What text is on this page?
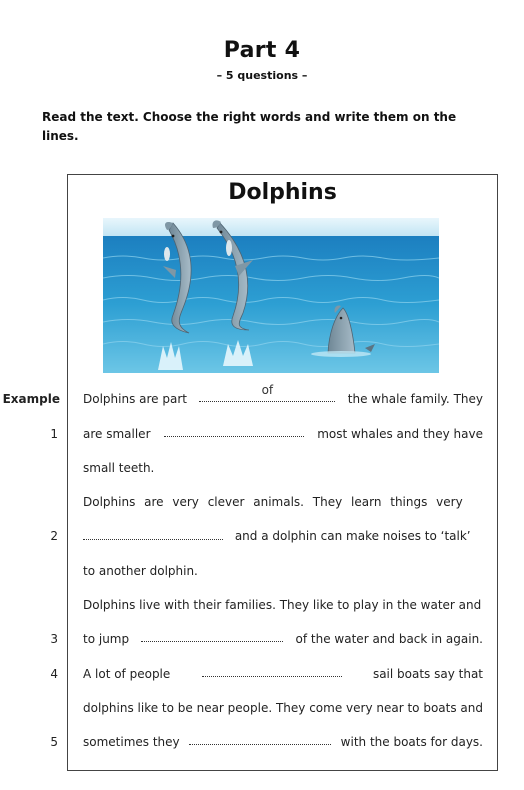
Part 4
– 5 questions –
Read the text. Choose the right words and write them on the lines.
Dolphins
Example Dolphins are part
of
the whale family. They
1 are smaller	most whales and they have
small teeth.
Dolphins are very clever animals. They learn things very
2	and a dolphin can make noises to ‘talk’
to another dolphin.
Dolphins live with their families. They like to play in the water and
3 to jump	of the water and back in again.
4 A lot of people	sail boats say that
dolphins like to be near people. They come very near to boats and
5 sometimes they	with the boats for days.
